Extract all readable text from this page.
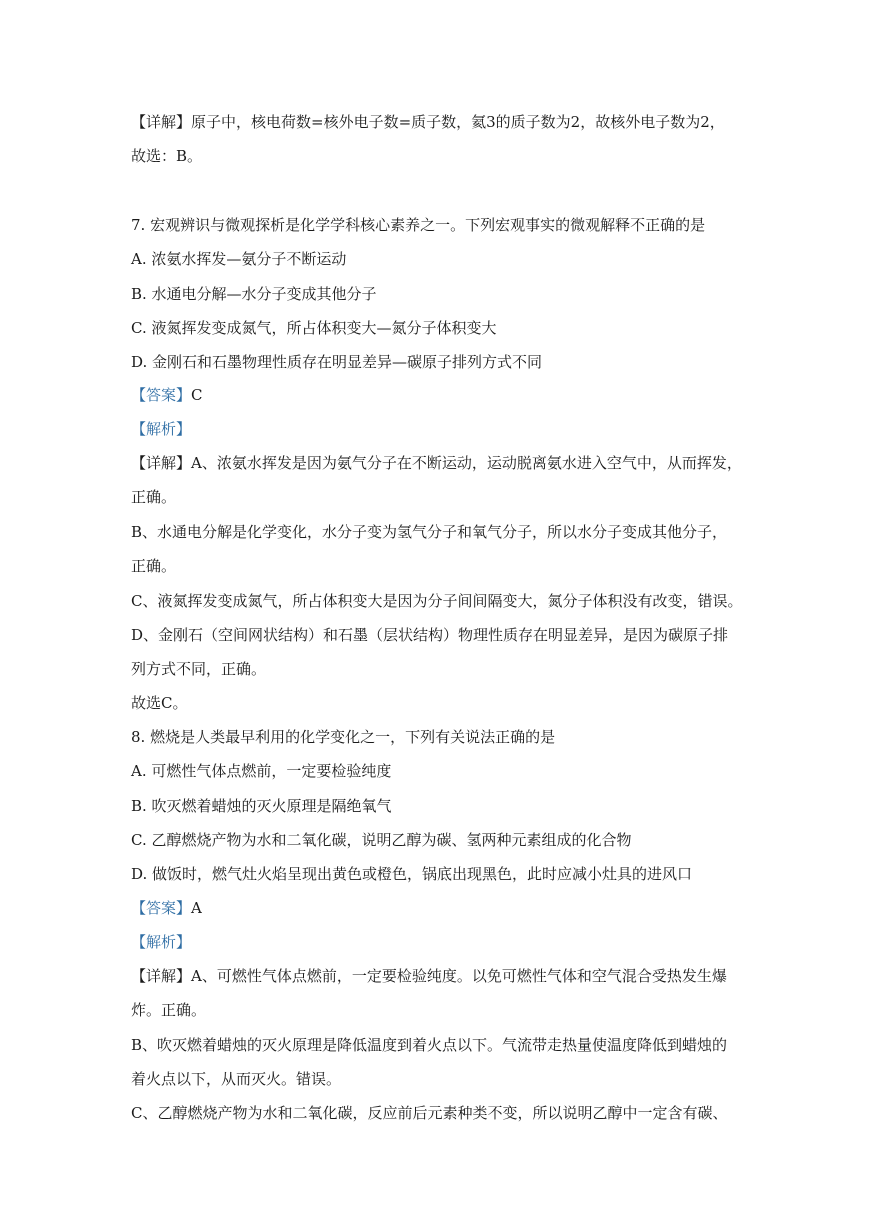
【详解】原子中，核电荷数=核外电子数=质子数，氦3的质子数为2，故核外电子数为2，
故选：B。
7. 宏观辨识与微观探析是化学学科核心素养之一。下列宏观事实的微观解释不正确的是
A. 浓氨水挥发—氨分子不断运动
B. 水通电分解—水分子变成其他分子
C. 液氮挥发变成氮气，所占体积变大—氮分子体积变大
D. 金刚石和石墨物理性质存在明显差异—碳原子排列方式不同
【答案】C
【解析】
【详解】A、浓氨水挥发是因为氨气分子在不断运动，运动脱离氨水进入空气中，从而挥发，
正确。
B、水通电分解是化学变化，水分子变为氢气分子和氧气分子，所以水分子变成其他分子，
正确。
C、液氮挥发变成氮气，所占体积变大是因为分子间间隔变大，氮分子体积没有改变，错误。
D、金刚石（空间网状结构）和石墨（层状结构）物理性质存在明显差异，是因为碳原子排
列方式不同，正确。
故选C。
8. 燃烧是人类最早利用的化学变化之一，下列有关说法正确的是
A. 可燃性气体点燃前，一定要检验纯度
B. 吹灭燃着蜡烛的灭火原理是隔绝氧气
C. 乙醇燃烧产物为水和二氧化碳，说明乙醇为碳、氢两种元素组成的化合物
D. 做饭时，燃气灶火焰呈现出黄色或橙色，锅底出现黑色，此时应减小灶具的进风口
【答案】A
【解析】
【详解】A、可燃性气体点燃前，一定要检验纯度。以免可燃性气体和空气混合受热发生爆
炸。正确。
B、吹灭燃着蜡烛的灭火原理是降低温度到着火点以下。气流带走热量使温度降低到蜡烛的
着火点以下，从而灭火。错误。
C、乙醇燃烧产物为水和二氧化碳，反应前后元素种类不变，所以说明乙醇中一定含有碳、
